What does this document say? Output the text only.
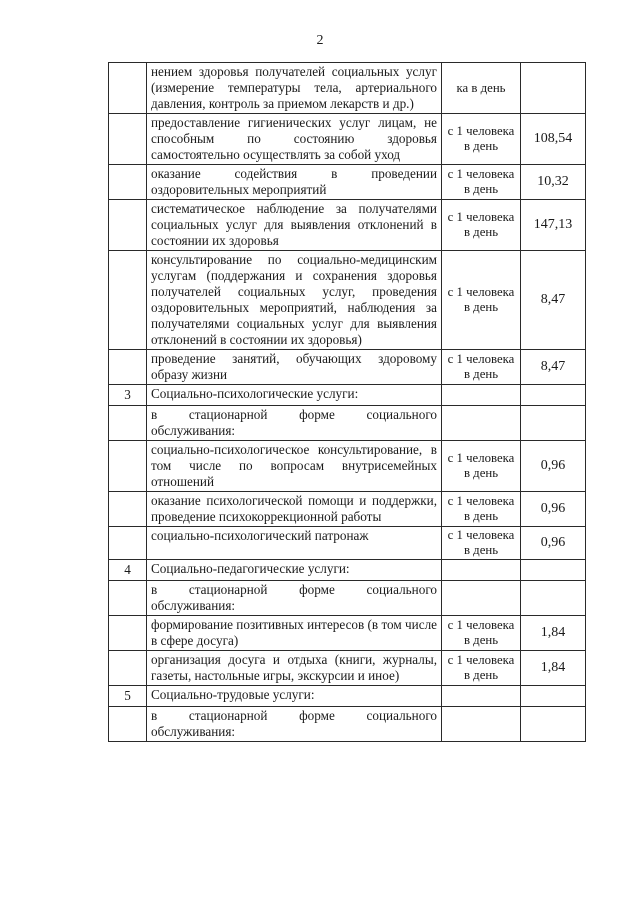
2
	нением здоровья получателей социальных услуг (измерение температуры тела, артериального давления, контроль за приемом лекарств и др.)	ка в день	
	предоставление гигиенических услуг лицам, не способным по состоянию здоровья самостоятельно осуществлять за собой уход	с 1 человека в день	108,54
	оказание содействия в проведении оздоровительных мероприятий	с 1 человека в день	10,32
	систематическое наблюдение за получателями социальных услуг для выявления отклонений в состоянии их здоровья	с 1 человека в день	147,13
	консультирование по социально-медицинским услугам (поддержания и сохранения здоровья получателей социальных услуг, проведения оздоровительных мероприятий, наблюдения за получателями социальных услуг для выявления отклонений в состоянии их здоровья)	с 1 человека в день	8,47
	проведение занятий, обучающих здоровому образу жизни	с 1 человека в день	8,47
3	Социально-психологические услуги:		
	в стационарной форме социального обслуживания:		
	социально-психологическое консультирование, в том числе по вопросам внутрисемейных отношений	с 1 человека в день	0,96
	оказание психологической помощи и поддержки, проведение психокоррекционной работы	с 1 человека в день	0,96
	социально-психологический патронаж	с 1 человека в день	0,96
4	Социально-педагогические услуги:		
	в стационарной форме социального обслуживания:		
	формирование позитивных интересов (в том числе в сфере досуга)	с 1 человека в день	1,84
	организация досуга и отдыха (книги, журналы, газеты, настольные игры, экскурсии и иное)	с 1 человека в день	1,84
5	Социально-трудовые услуги:		
	в стационарной форме социального обслуживания:		
